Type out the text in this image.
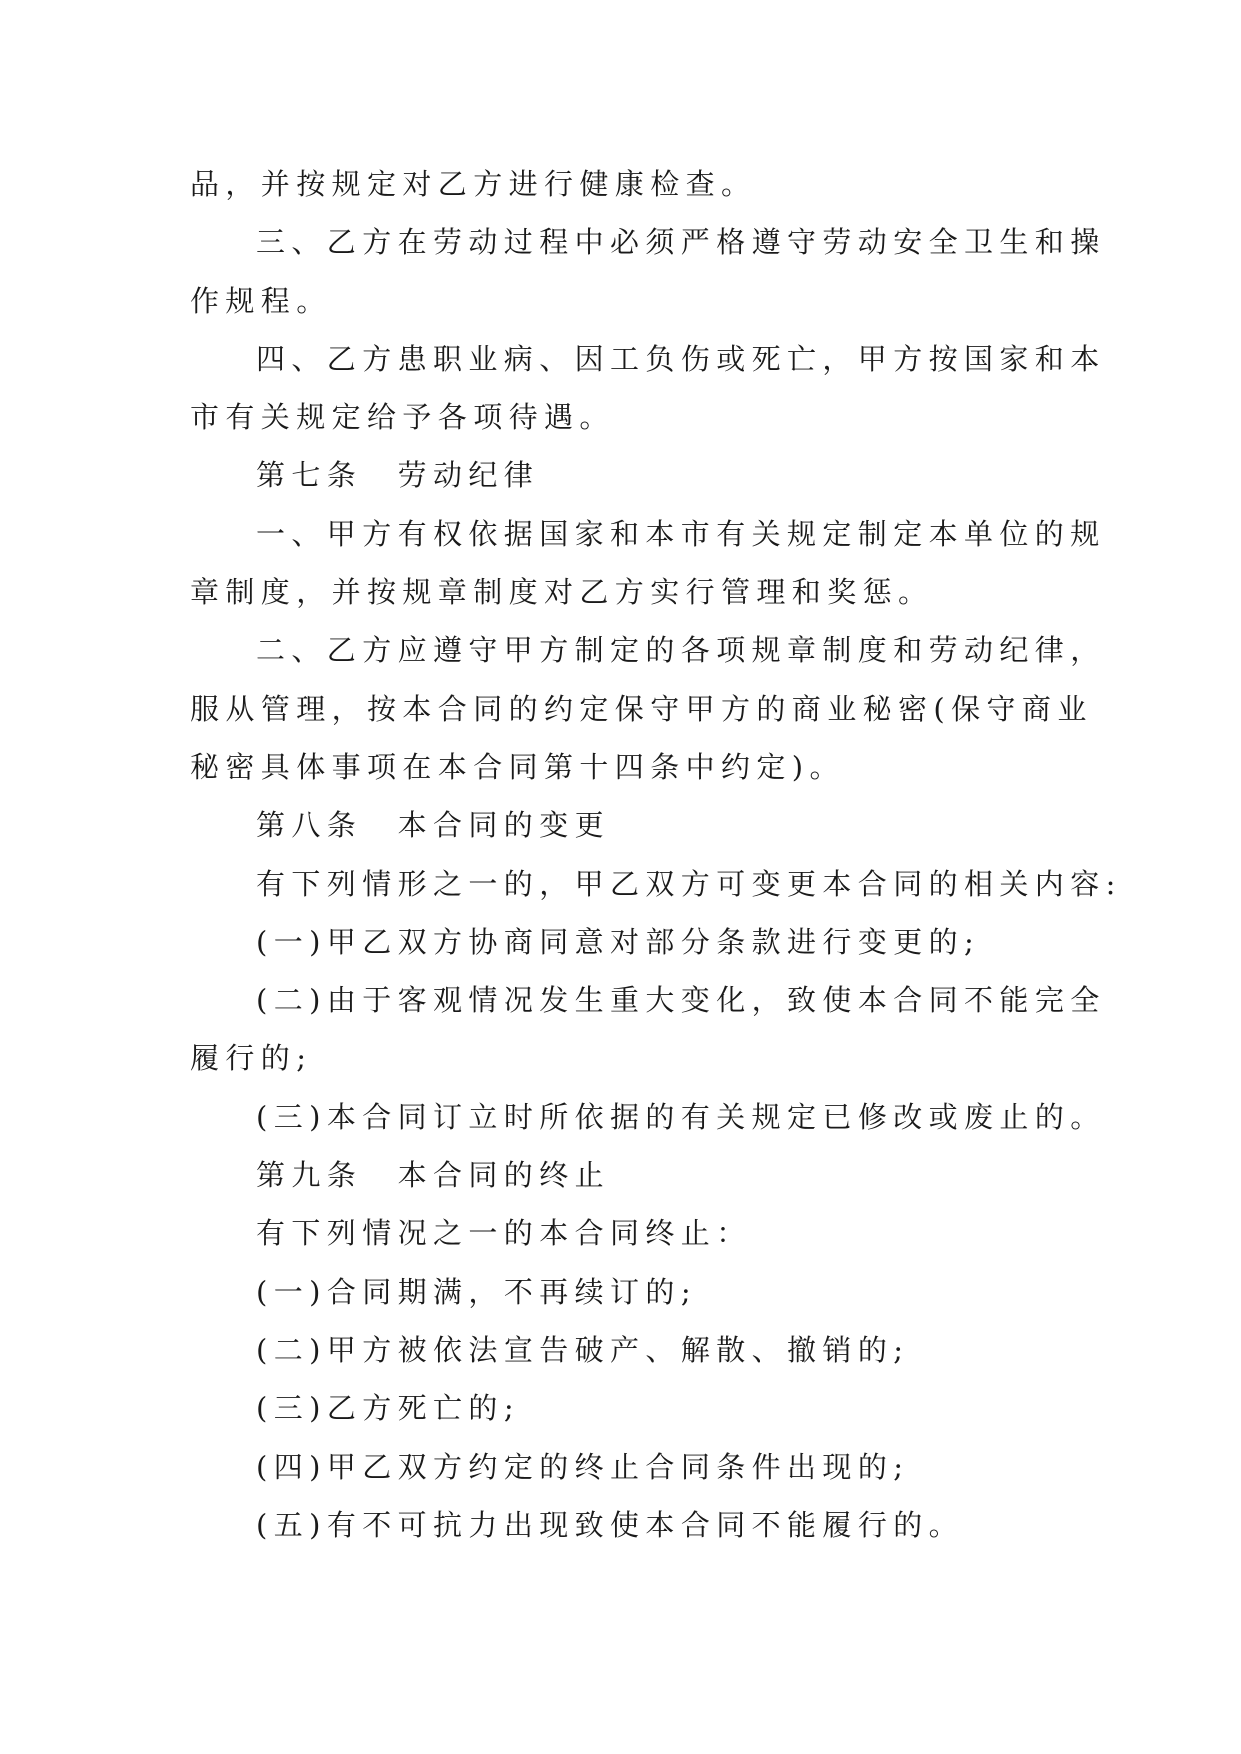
品，并按规定对乙方进行健康检查。
三、乙方在劳动过程中必须严格遵守劳动安全卫生和操
作规程。
四、乙方患职业病、因工负伤或死亡，甲方按国家和本
市有关规定给予各项待遇。
第七条　劳动纪律
一、甲方有权依据国家和本市有关规定制定本单位的规
章制度，并按规章制度对乙方实行管理和奖惩。
二、乙方应遵守甲方制定的各项规章制度和劳动纪律，
服从管理，按本合同的约定保守甲方的商业秘密(保守商业
秘密具体事项在本合同第十四条中约定)。
第八条　本合同的变更
有下列情形之一的，甲乙双方可变更本合同的相关内容:
(一)甲乙双方协商同意对部分条款进行变更的;
(二)由于客观情况发生重大变化，致使本合同不能完全
履行的;
(三)本合同订立时所依据的有关规定已修改或废止的。
第九条　本合同的终止
有下列情况之一的本合同终止：
(一)合同期满，不再续订的;
(二)甲方被依法宣告破产、解散、撤销的;
(三)乙方死亡的;
(四)甲乙双方约定的终止合同条件出现的;
(五)有不可抗力出现致使本合同不能履行的。
